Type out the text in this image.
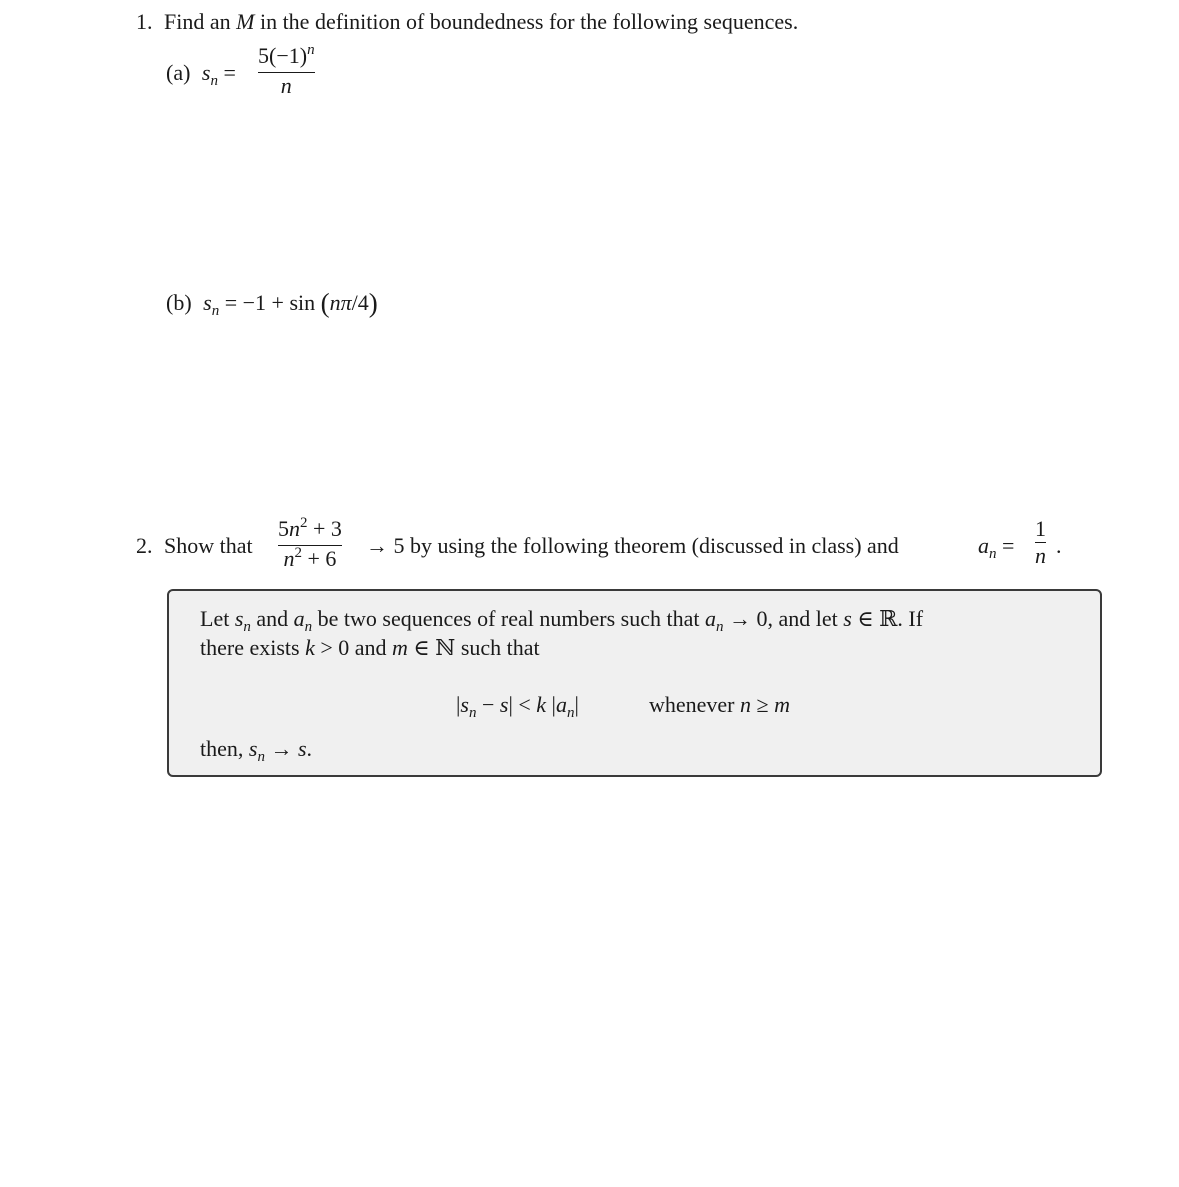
1. Find an M in the definition of boundedness for the following sequences.
(a) $s_n$ =
$5(-1)^n$
n
(b) $s_n = -1 + \sin (n\pi/4)$
2. Show that
$5n^2 + 3$
$n^2 + 6$
→ 5 by using the following theorem (discussed in class) and	$a_n$ =
1
n .
Let $s_n$ and $a_n$ be two sequences of real numbers such that $a_n \to 0$, and let s ∈ ℝ. If
there exists k > 0 and m ∈ ℕ such that
$|s_n - s| < k$ $|a_n|$	whenever n ≥ m
then, $s_n \to s$.
